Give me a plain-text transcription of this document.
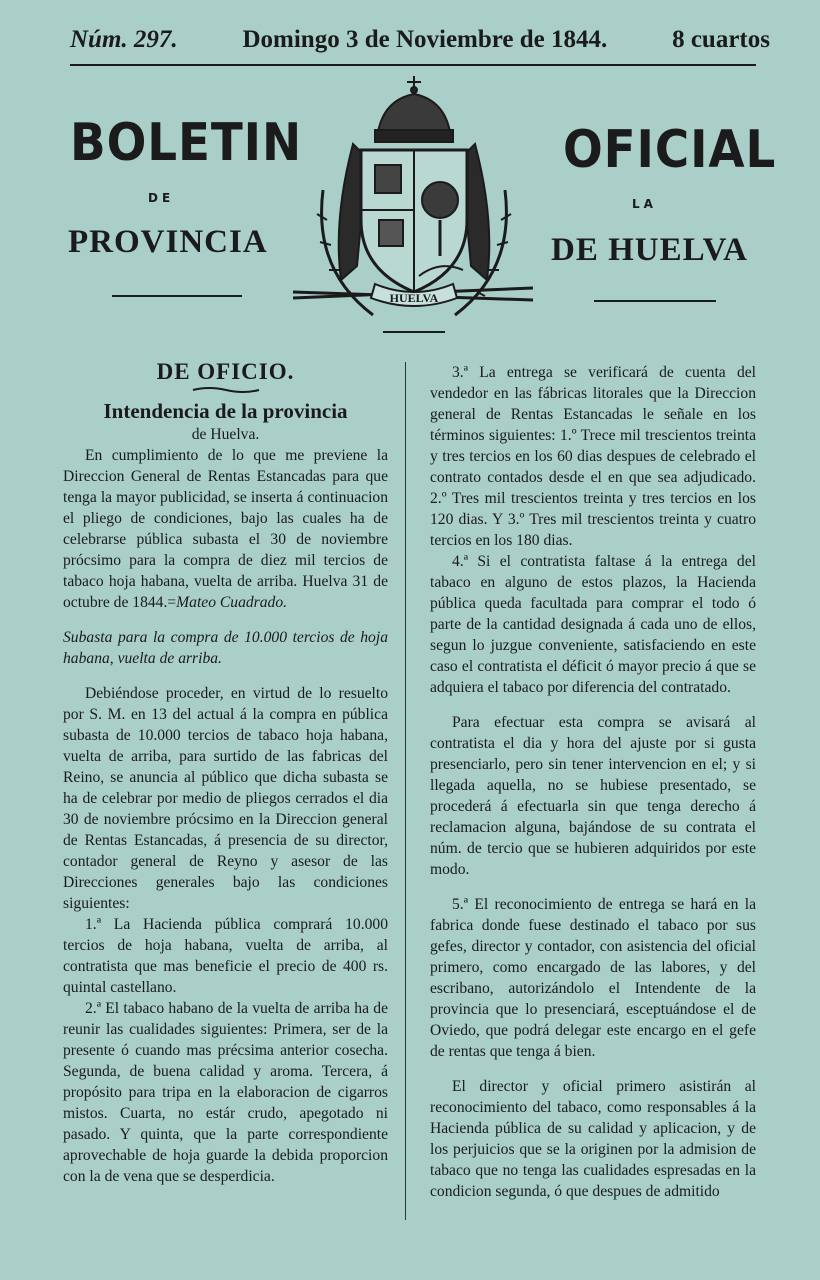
Núm. 297.	Domingo 3 de Noviembre de 1844.	8 cuartos
BOLETIN	OFICIAL
DE	LA
PROVINCIA	DE HUELVA
HUELVA

DE OFICIO.

Intendencia de la provincia

de Huelva.

En cumplimiento de lo que me previene la Direccion General de Rentas Estancadas para que tenga la mayor publicidad, se inserta á continuacion el pliego de condiciones, bajo las cuales ha de celebrarse pública subasta el 30 de noviembre prócsimo para la compra de diez mil tercios de tabaco hoja habana, vuelta de arriba. Huelva 31 de octubre de 1844.=Mateo Cuadrado.

Subasta para la compra de 10.000 tercios de hoja habana, vuelta de arriba.

Debiéndose proceder, en virtud de lo resuelto por S. M. en 13 del actual á la compra en pública subasta de 10.000 tercios de tabaco hoja habana, vuelta de arriba, para surtido de las fabricas del Reino, se anuncia al público que dicha subasta se ha de celebrar por medio de pliegos cerrados el dia 30 de noviembre prócsimo en la Direccion general de Rentas Estancadas, á presencia de su director, contador general de Reyno y asesor de las Direcciones generales bajo las condiciones siguientes:

1.ª La Hacienda pública comprará 10.000 tercios de hoja habana, vuelta de arriba, al contratista que mas beneficie el precio de 400 rs. quintal castellano.

2.ª El tabaco habano de la vuelta de arriba ha de reunir las cualidades siguientes: Primera, ser de la presente ó cuando mas précsima anterior cosecha. Segunda, de buena calidad y aroma. Tercera, á propósito para tripa en la elaboracion de cigarros mistos. Cuarta, no estár crudo, apegotado ni pasado. Y quinta, que la parte correspondiente aprovechable de hoja guarde la debida proporcion con la de vena que se desperdicia.

3.ª La entrega se verificará de cuenta del vendedor en las fábricas litorales que la Direccion general de Rentas Estancadas le señale en los términos siguientes: 1.º Trece mil trescientos treinta y tres tercios en los 60 dias despues de celebrado el contrato contados desde el en que sea adjudicado. 2.º Tres mil trescientos treinta y tres tercios en los 120 dias. Y 3.º Tres mil trescientos treinta y cuatro tercios en los 180 dias.

4.ª Si el contratista faltase á la entrega del tabaco en alguno de estos plazos, la Hacienda pública queda facultada para comprar el todo ó parte de la cantidad designada á cada uno de ellos, segun lo juzgue conveniente, satisfaciendo en este caso el contratista el déficit ó mayor precio á que se adquiera el tabaco por diferencia del contratado.

Para efectuar esta compra se avisará al contratista el dia y hora del ajuste por si gusta presenciarlo, pero sin tener intervencion en el; y si llegada aquella, no se hubiese presentado, se procederá á efectuarla sin que tenga derecho á reclamacion alguna, bajándose de su contrata el núm. de tercio que se hubieren adquiridos por este modo.

5.ª El reconocimiento de entrega se hará en la fabrica donde fuese destinado el tabaco por sus gefes, director y contador, con asistencia del oficial primero, como encargado de las labores, y del escribano, autorizándolo el Intendente de la provincia que lo presenciará, esceptuándose el de Oviedo, que podrá delegar este encargo en el gefe de rentas que tenga á bien.

El director y oficial primero asistirán al reconocimiento del tabaco, como responsables á la Hacienda pública de su calidad y aplicacion, y de los perjuicios que se la originen por la admision de tabaco que no tenga las cualidades espresadas en la condicion segunda, ó que despues de admitido
